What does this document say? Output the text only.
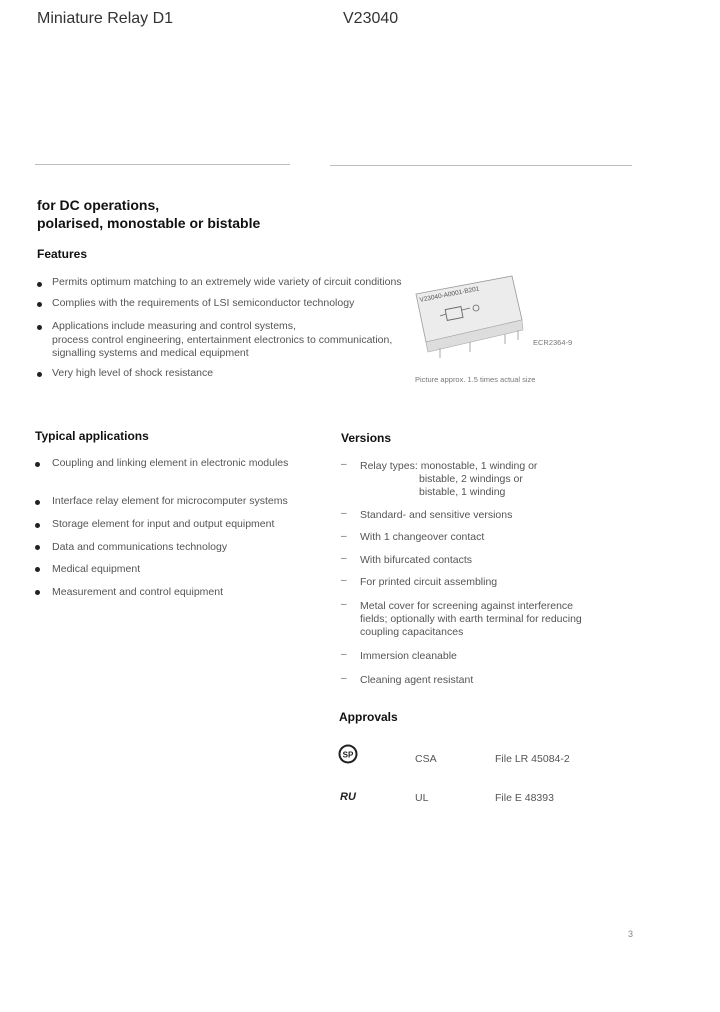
Miniature Relay D1	V23040
for DC operations,
polarised, monostable or bistable
Features
Permits optimum matching to an extremely wide variety of circuit conditions
Complies with the requirements of LSI semiconductor technology
Applications include measuring and control systems,
process control engineering, entertainment electronics to communication,
signalling systems and medical equipment
Very high level of shock resistance
V23040-A0001-B201
ECR2364-9
Picture approx. 1.5 times actual size
Typical applications
Coupling and linking element in electronic modules
Interface relay element for microcomputer systems
Storage element for input and output equipment
Data and communications technology
Medical equipment
Measurement and control equipment
Versions
– Relay types: monostable, 1 winding or
bistable, 2 windings or
bistable, 1 winding
– Standard- and sensitive versions
– With 1 changeover contact
– With bifurcated contacts
– For printed circuit assembling
– Metal cover for screening against interference
fields; optionally with earth terminal for reducing
coupling capacitances
– Immersion cleanable
– Cleaning agent resistant
Approvals
SP	CSA	File LR 45084-2
RU	UL	File E 48393
3
